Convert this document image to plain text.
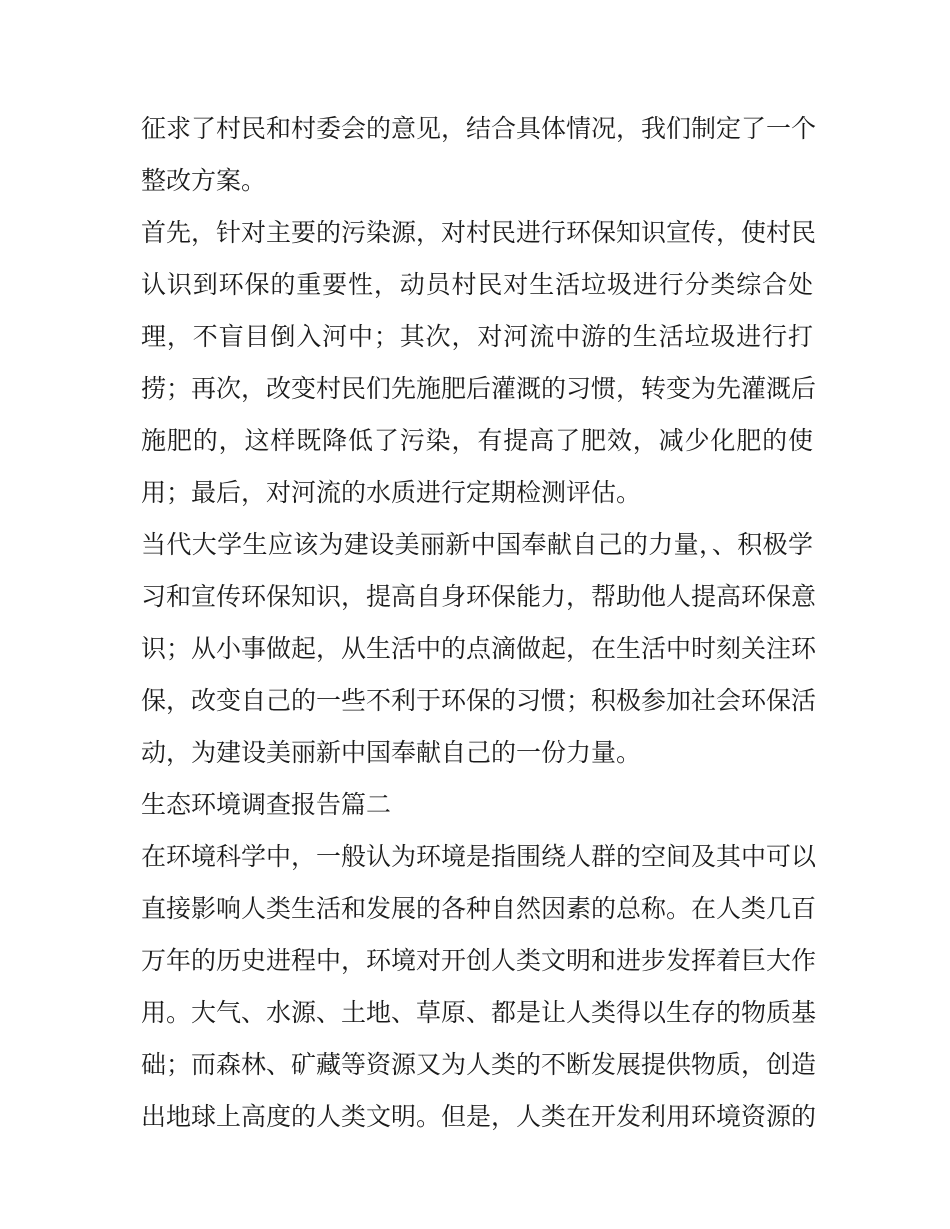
征求了村民和村委会的意见，结合具体情况，我们制定了一个
整改方案。
首先，针对主要的污染源，对村民进行环保知识宣传，使村民
认识到环保的重要性，动员村民对生活垃圾进行分类综合处
理，不盲目倒入河中；其次，对河流中游的生活垃圾进行打
捞；再次，改变村民们先施肥后灌溉的习惯，转变为先灌溉后
施肥的，这样既降低了污染，有提高了肥效，减少化肥的使
用；最后，对河流的水质进行定期检测评估。
当代大学生应该为建设美丽新中国奉献自己的力量，、积极学
习和宣传环保知识，提高自身环保能力，帮助他人提高环保意
识；从小事做起，从生活中的点滴做起，在生活中时刻关注环
保，改变自己的一些不利于环保的习惯；积极参加社会环保活
动，为建设美丽新中国奉献自己的一份力量。
生态环境调查报告篇二
在环境科学中，一般认为环境是指围绕人群的空间及其中可以
直接影响人类生活和发展的各种自然因素的总称。在人类几百
万年的历史进程中，环境对开创人类文明和进步发挥着巨大作
用。大气、水源、土地、草原、都是让人类得以生存的物质基
础；而森林、矿藏等资源又为人类的不断发展提供物质，创造
出地球上高度的人类文明。但是，人类在开发利用环境资源的
